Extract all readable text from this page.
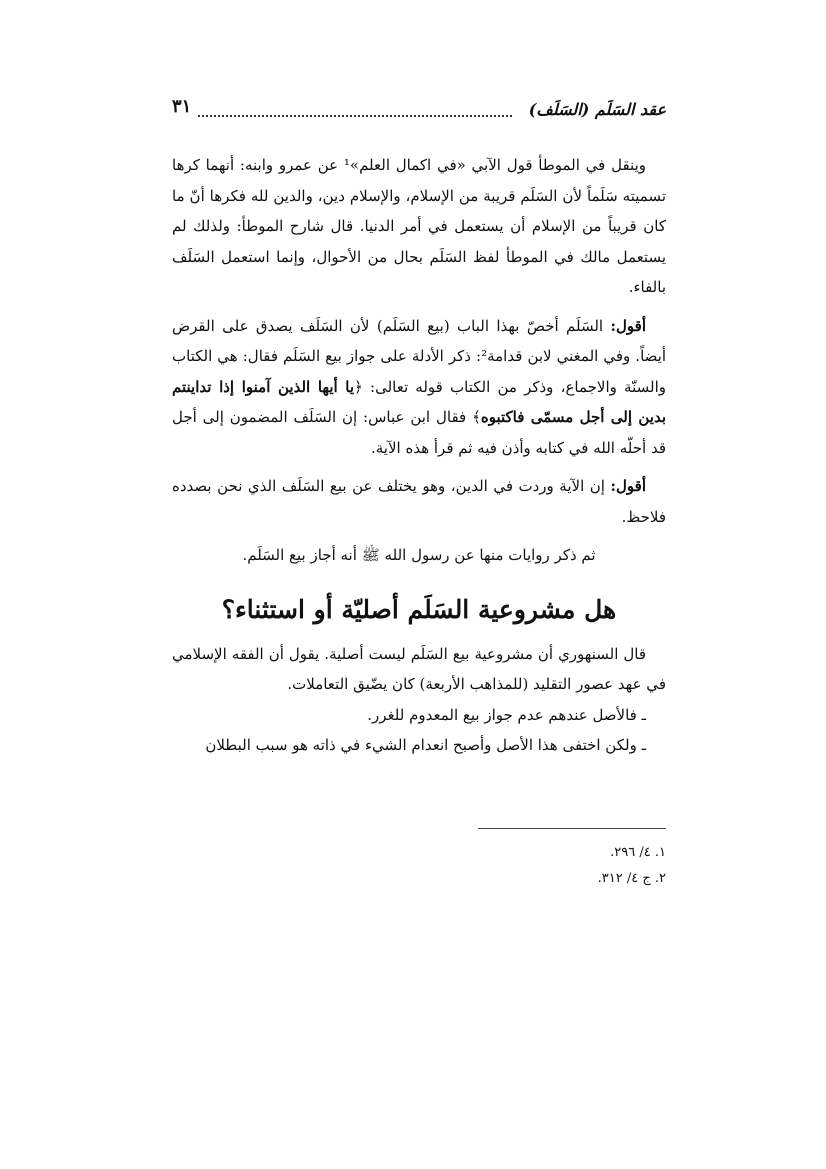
عقد السَلَم (السَلَف)
٣١

وينقل في الموطأ قول الآبي «في اكمال العلم»¹ عن عمرو وابنه: أنهما كرها تسميته سَلَماً لأن السَلَم قريبة من الإسلام، والإسلام دين، والدين لله فكرها أنّ ما كان قريباً من الإسلام أن يستعمل في أمر الدنيا. قال شارح الموطأ: ولذلك لم يستعمل مالك في الموطأ لفظ السَلَم بحال من الأحوال، وإنما استعمل السَلَف بالفاء.

أقول: السَلَم أخصّ بهذا الباب (بيع السَلَم) لأن السَلَف يصدق على القرض أيضاً. وفي المغني لابن قدامة²: ذكر الأدلة على جواز بيع السَلَم فقال: هي الكتاب والسنّة والاجماع، وذكر من الكتاب قوله تعالى: ﴿يا أيها الذين آمنوا إذا تداينتم بدين إلى أجل مسمّى فاكتبوه﴾ فقال ابن عباس: إن السَلَف المضمون إلى أجل قد أحلّه الله في كتابه وأذن فيه ثم قرأ هذه الآية.

أقول: إن الآية وردت في الدين، وهو يختلف عن بيع السَلَف الذي نحن بصدده فلاحظ.

ثم ذكر روايات منها عن رسول الله ﷺ أنه أجاز بيع السَلَم.

هل مشروعية السَلَم أصليّة أو استثناء؟

قال السنهوري أن مشروعية بيع السَلَم ليست أصلية. يقول أن الفقه الإسلامي في عهد عصور التقليد (للمذاهب الأربعة) كان يضّيق التعاملات.

ـ فالأصل عندهم عدم جواز بيع المعدوم للغرر.

ـ ولكن اختفى هذا الأصل وأصبح انعدام الشيء في ذاته هو سبب البطلان

١. ٤/ ٢٩٦.
٢. ج ٤/ ٣١٢.
